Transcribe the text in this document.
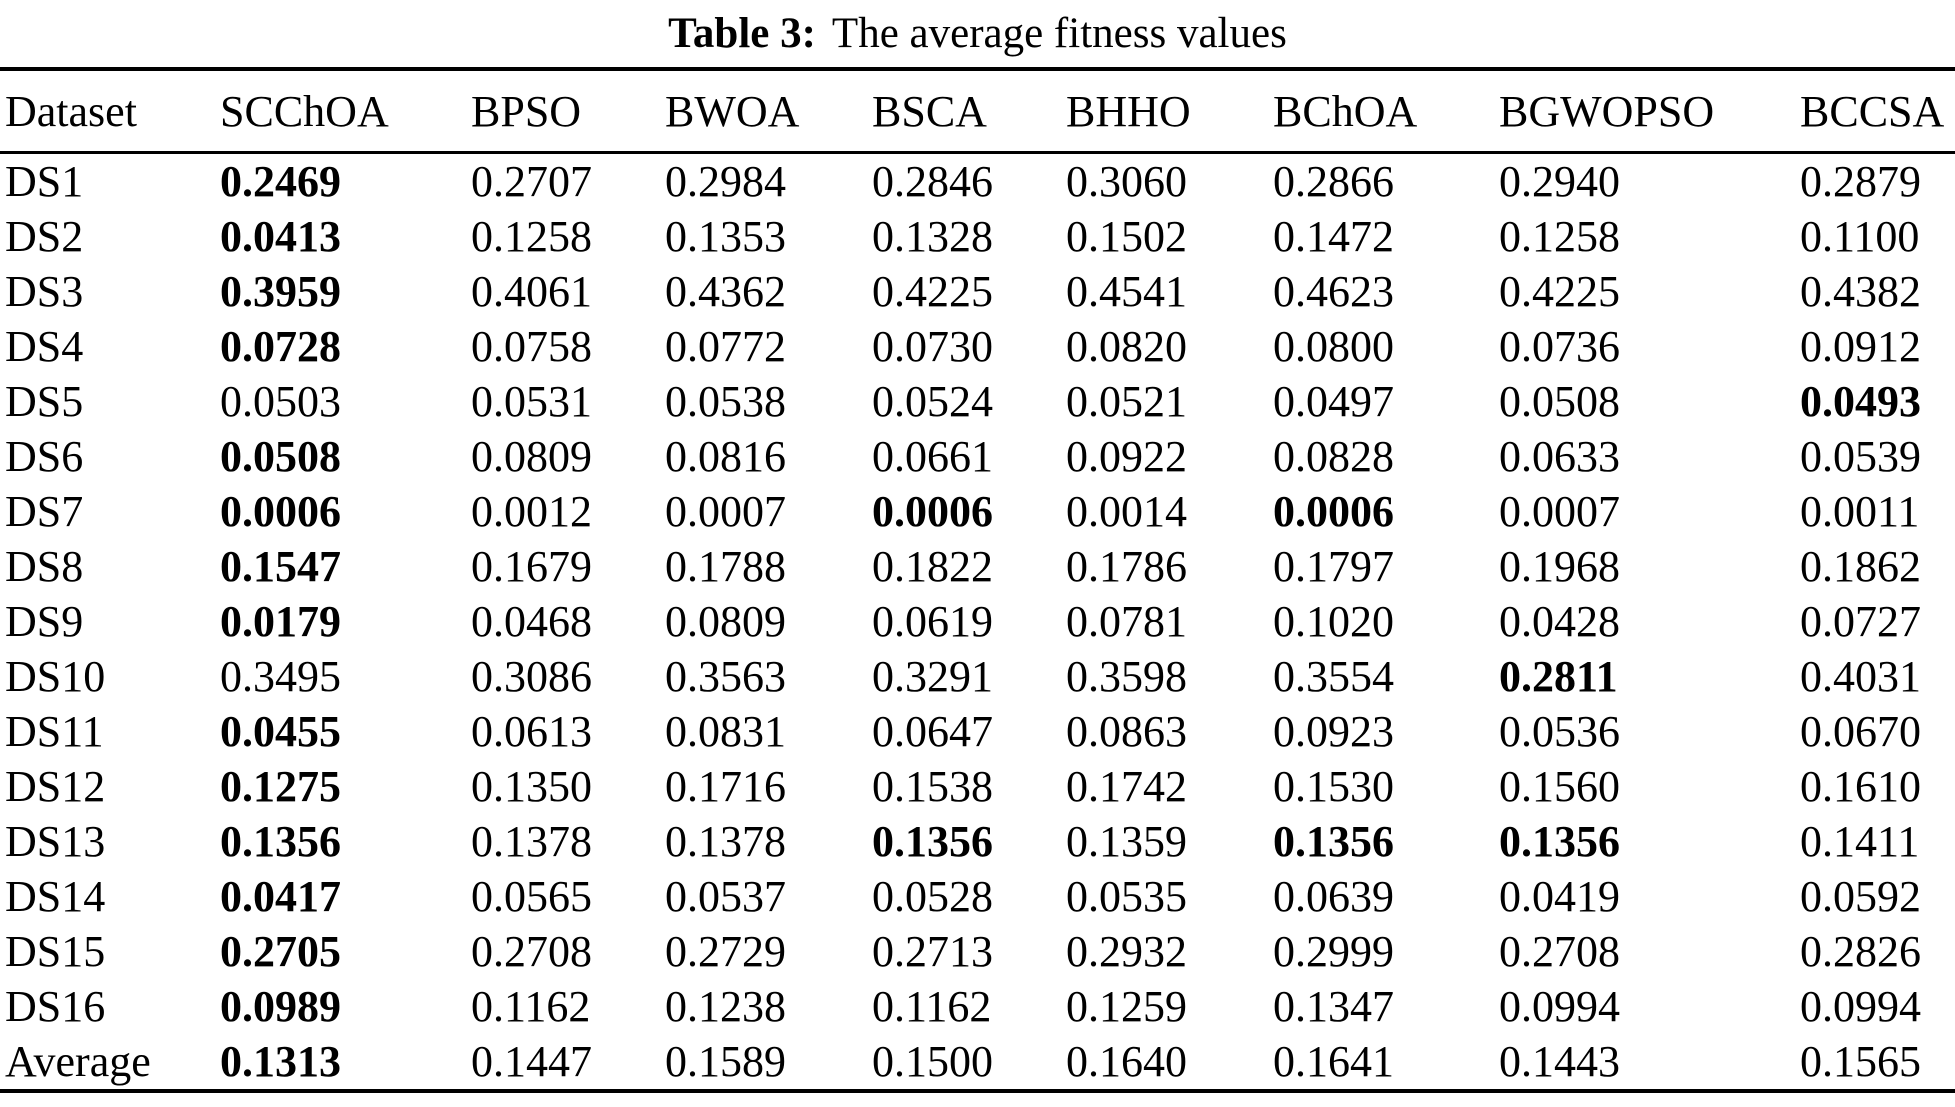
Table 3: The average fitness values
Dataset	SCChOA	BPSO	BWOA	BSCA	BHHO	BChOA	BGWOPSO	BCCSA
DS1	0.2469	0.2707	0.2984	0.2846	0.3060	0.2866	0.2940	0.2879
DS2	0.0413	0.1258	0.1353	0.1328	0.1502	0.1472	0.1258	0.1100
DS3	0.3959	0.4061	0.4362	0.4225	0.4541	0.4623	0.4225	0.4382
DS4	0.0728	0.0758	0.0772	0.0730	0.0820	0.0800	0.0736	0.0912
DS5	0.0503	0.0531	0.0538	0.0524	0.0521	0.0497	0.0508	0.0493
DS6	0.0508	0.0809	0.0816	0.0661	0.0922	0.0828	0.0633	0.0539
DS7	0.0006	0.0012	0.0007	0.0006	0.0014	0.0006	0.0007	0.0011
DS8	0.1547	0.1679	0.1788	0.1822	0.1786	0.1797	0.1968	0.1862
DS9	0.0179	0.0468	0.0809	0.0619	0.0781	0.1020	0.0428	0.0727
DS10	0.3495	0.3086	0.3563	0.3291	0.3598	0.3554	0.2811	0.4031
DS11	0.0455	0.0613	0.0831	0.0647	0.0863	0.0923	0.0536	0.0670
DS12	0.1275	0.1350	0.1716	0.1538	0.1742	0.1530	0.1560	0.1610
DS13	0.1356	0.1378	0.1378	0.1356	0.1359	0.1356	0.1356	0.1411
DS14	0.0417	0.0565	0.0537	0.0528	0.0535	0.0639	0.0419	0.0592
DS15	0.2705	0.2708	0.2729	0.2713	0.2932	0.2999	0.2708	0.2826
DS16	0.0989	0.1162	0.1238	0.1162	0.1259	0.1347	0.0994	0.0994
Average	0.1313	0.1447	0.1589	0.1500	0.1640	0.1641	0.1443	0.1565
